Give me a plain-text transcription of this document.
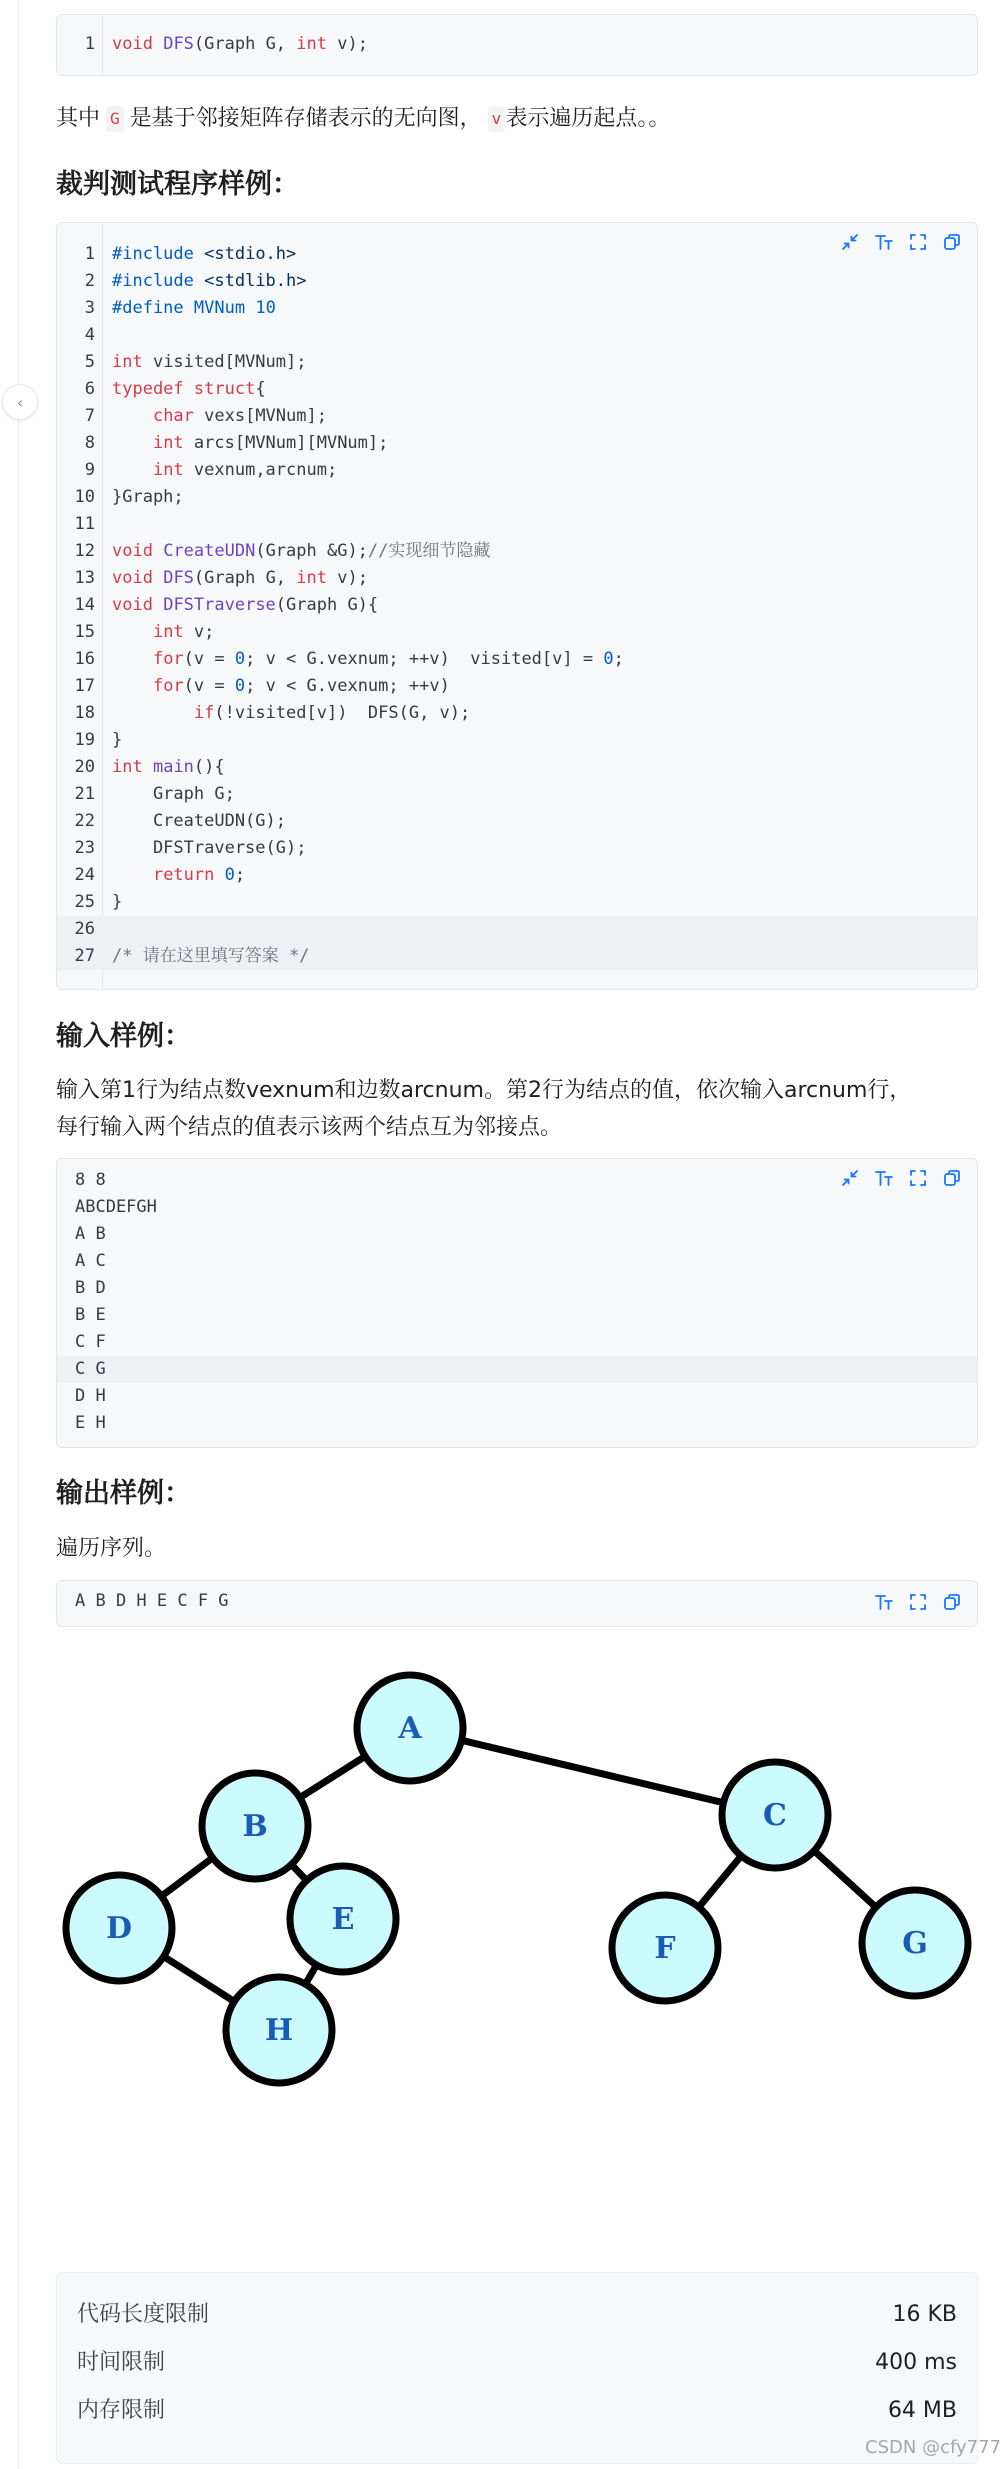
‹
1 void DFS(Graph G, int v);
其中 G 是基于邻接矩阵存储表示的无向图， v 表示遍历起点。。
裁判测试程序样例：
1 #include <stdio.h>
2 #include <stdlib.h>
3 #define MVNum 10
4
5 int visited[MVNum];
6 typedef struct{
7	char vexs[MVNum];
8	int arcs[MVNum][MVNum];
9	int vexnum,arcnum;
10 }Graph;
11
12 void CreateUDN(Graph &G);//实现细节隐藏
13 void DFS(Graph G, int v);
14 void DFSTraverse(Graph G){
15	int v;
16	for(v = 0; v < G.vexnum; ++v)  visited[v] = 0;
17	for(v = 0; v < G.vexnum; ++v)
18	if(!visited[v])  DFS(G, v);
19 }
20 int main(){
21 Graph G;
22 CreateUDN(G);
23 DFSTraverse(G);
24	return 0;
25 }
26
27 /* 请在这里填写答案 */
输入样例：
输入第1行为结点数vexnum和边数arcnum。第2行为结点的值，依次输入arcnum行，
每行输入两个结点的值表示该两个结点互为邻接点。
8 8
ABCDEFGH
A B
A C
B D
B E
C F
C G
D H
E H
输出样例：
遍历序列。
A B D H E C F G
A
B	C
D	E
F	G
H
代码长度限制	16 KB
时间限制	400 ms
内存限制	64 MB
CSDN @cfy777
